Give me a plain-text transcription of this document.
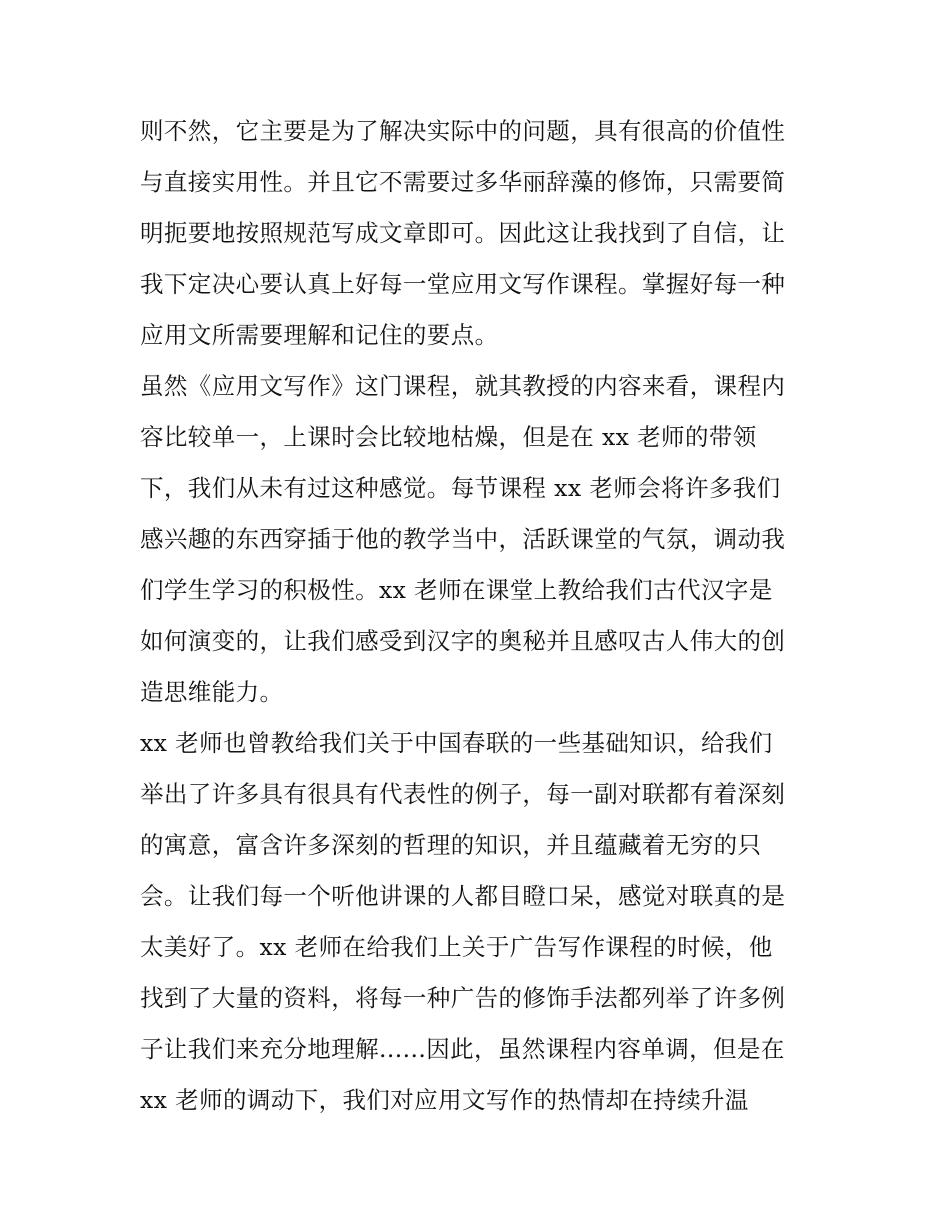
则不然，它主要是为了解决实际中的问题，具有很高的价值性
与直接实用性。并且它不需要过多华丽辞藻的修饰，只需要简
明扼要地按照规范写成文章即可。因此这让我找到了自信，让
我下定决心要认真上好每一堂应用文写作课程。掌握好每一种
应用文所需要理解和记住的要点。
虽然《应用文写作》这门课程，就其教授的内容来看，课程内
容比较单一，上课时会比较地枯燥，但是在 xx 老师的带领
下，我们从未有过这种感觉。每节课程 xx 老师会将许多我们
感兴趣的东西穿插于他的教学当中，活跃课堂的气氛，调动我
们学生学习的积极性。xx 老师在课堂上教给我们古代汉字是
如何演变的，让我们感受到汉字的奥秘并且感叹古人伟大的创
造思维能力。
xx 老师也曾教给我们关于中国春联的一些基础知识，给我们
举出了许多具有很具有代表性的例子，每一副对联都有着深刻
的寓意，富含许多深刻的哲理的知识，并且蕴藏着无穷的只
会。让我们每一个听他讲课的人都目瞪口呆，感觉对联真的是
太美好了。xx 老师在给我们上关于广告写作课程的时候，他
找到了大量的资料，将每一种广告的修饰手法都列举了许多例
子让我们来充分地理解......因此，虽然课程内容单调，但是在
xx 老师的调动下，我们对应用文写作的热情却在持续升温
